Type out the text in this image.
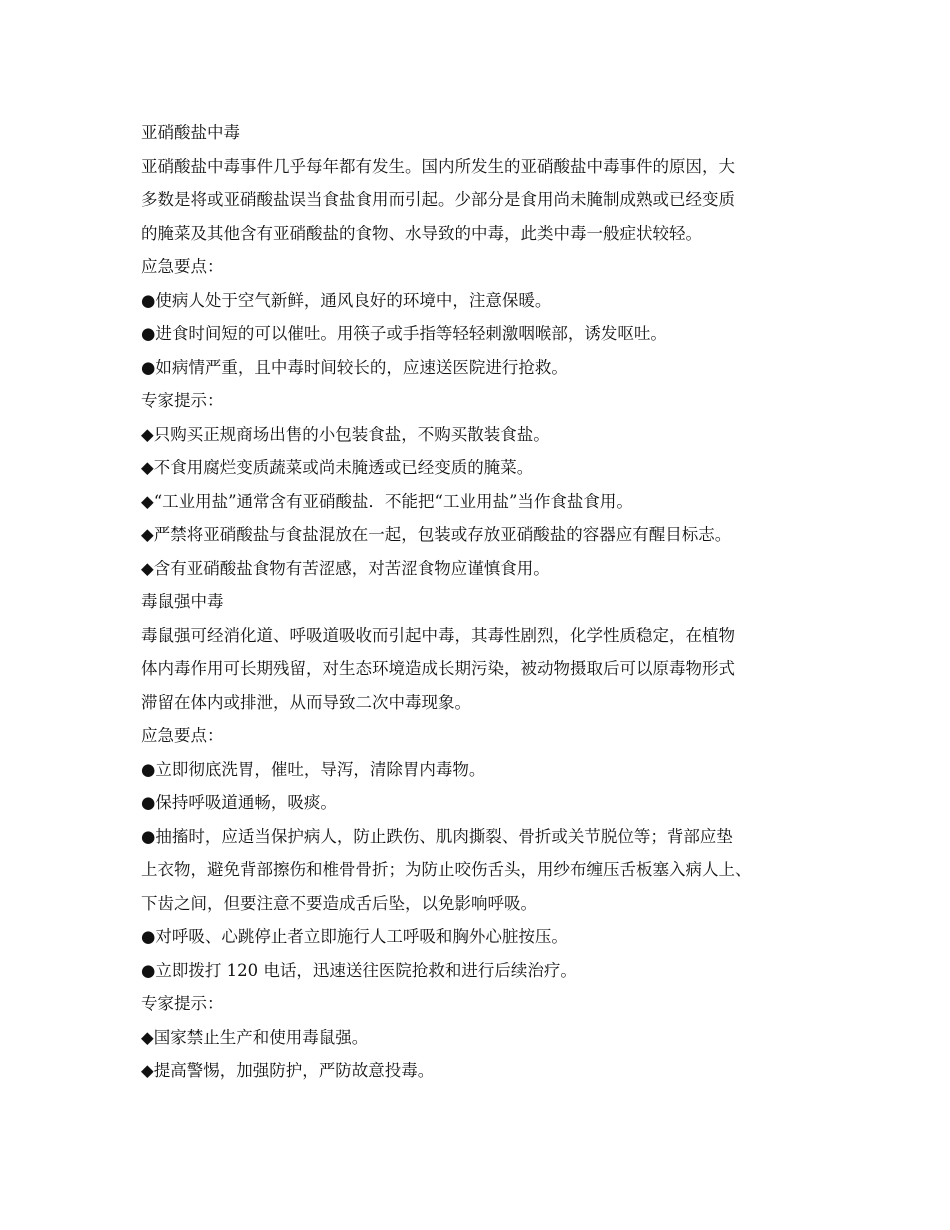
亚硝酸盐中毒
亚硝酸盐中毒事件几乎每年都有发生。国内所发生的亚硝酸盐中毒事件的原因，大
多数是将或亚硝酸盐误当食盐食用而引起。少部分是食用尚未腌制成熟或已经变质
的腌菜及其他含有亚硝酸盐的食物、水导致的中毒，此类中毒一般症状较轻。
应急要点：
●使病人处于空气新鲜，通风良好的环境中，注意保暖。
●进食时间短的可以催吐。用筷子或手指等轻轻刺激咽喉部，诱发呕吐。
●如病情严重，且中毒时间较长的，应速送医院进行抢救。
专家提示：
◆只购买正规商场出售的小包装食盐，不购买散装食盐。
◆不食用腐烂变质蔬菜或尚未腌透或已经变质的腌菜。
◆“工业用盐”通常含有亚硝酸盐．不能把“工业用盐”当作食盐食用。
◆严禁将亚硝酸盐与食盐混放在一起，包装或存放亚硝酸盐的容器应有醒目标志。
◆含有亚硝酸盐食物有苦涩感，对苦涩食物应谨慎食用。
毒鼠强中毒
毒鼠强可经消化道、呼吸道吸收而引起中毒，其毒性剧烈，化学性质稳定，在植物
体内毒作用可长期残留，对生态环境造成长期污染，被动物摄取后可以原毒物形式
滞留在体内或排泄，从而导致二次中毒现象。
应急要点：
●立即彻底洗胃，催吐，导泻，清除胃内毒物。
●保持呼吸道通畅，吸痰。
●抽搐时，应适当保护病人，防止跌伤、肌肉撕裂、骨折或关节脱位等；背部应垫
上衣物，避免背部擦伤和椎骨骨折；为防止咬伤舌头，用纱布缠压舌板塞入病人上、
下齿之间，但要注意不要造成舌后坠，以免影响呼吸。
●对呼吸、心跳停止者立即施行人工呼吸和胸外心脏按压。
●立即拨打 120 电话，迅速送往医院抢救和进行后续治疗。
专家提示：
◆国家禁止生产和使用毒鼠强。
◆提高警惕，加强防护，严防故意投毒。
